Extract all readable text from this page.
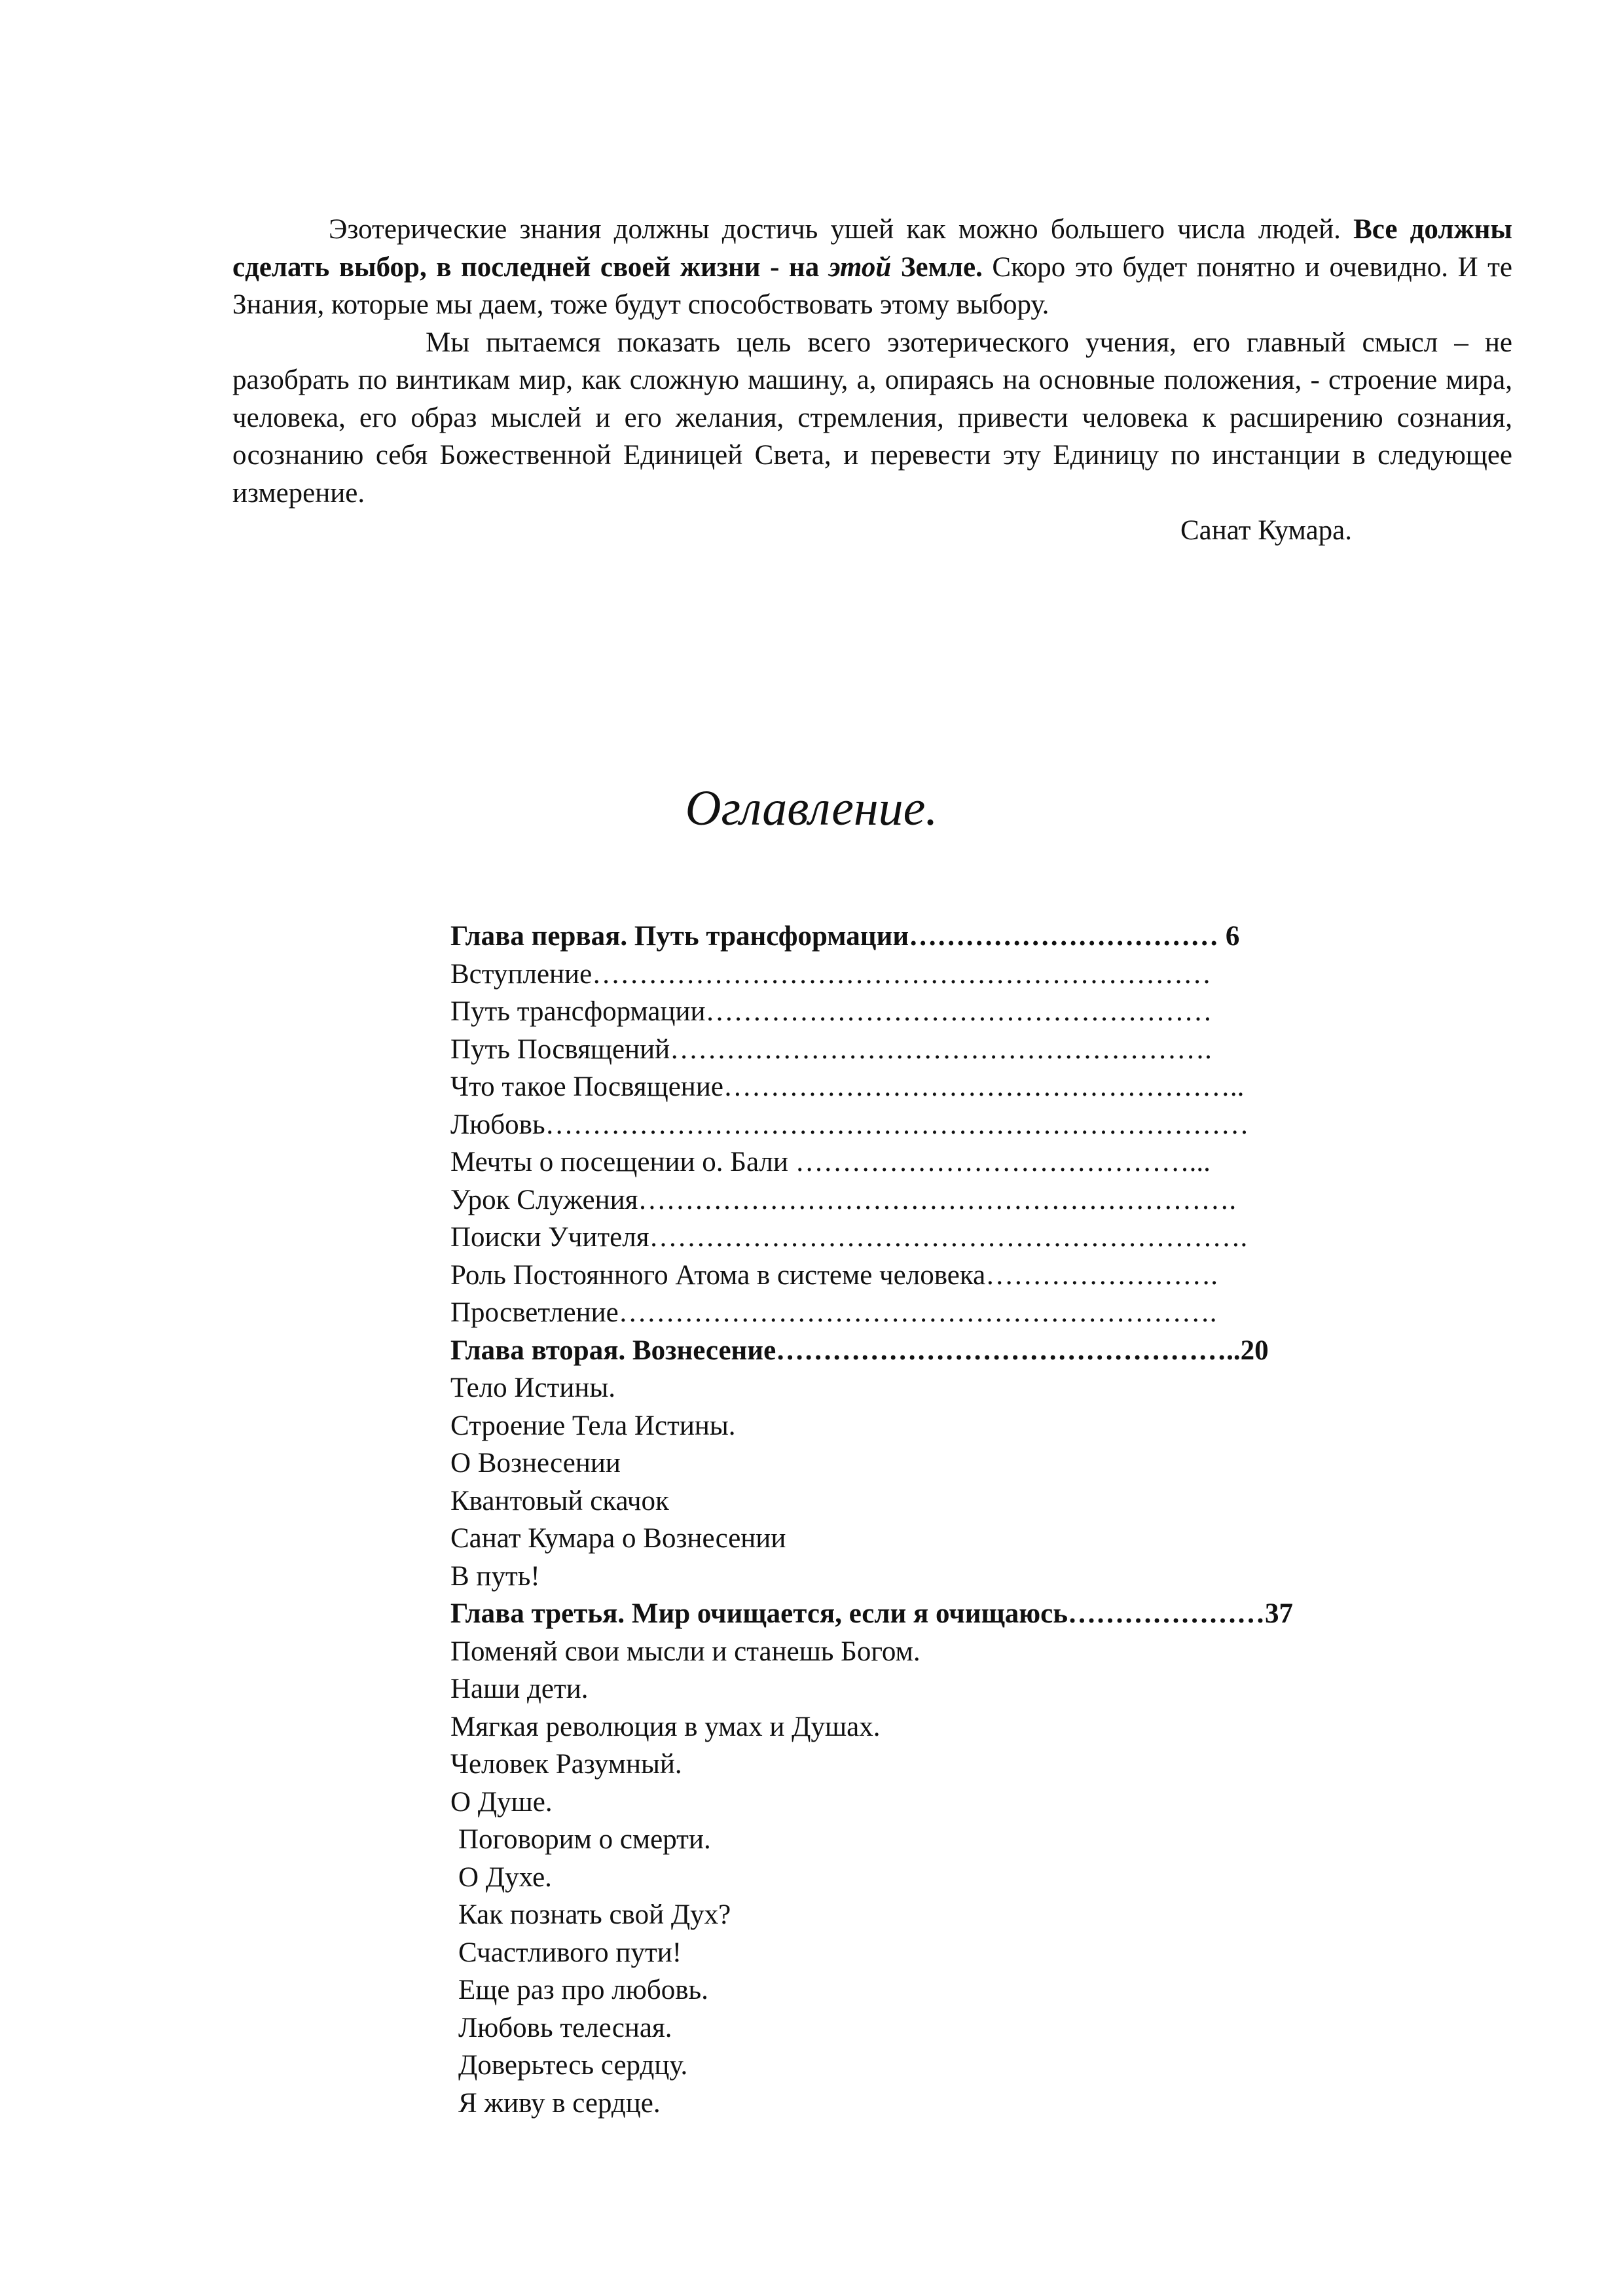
Эзотерические знания должны достичь ушей как можно большего числа людей. Все должны сделать выбор, в последней своей жизни - на этой Земле. Скоро это будет понятно и очевидно. И те Знания, которые мы даем, тоже будут способствовать этому выбору.

Мы пытаемся показать цель всего эзотерического учения, его главный смысл – не разобрать по винтикам мир, как сложную машину, а, опираясь на основные положения, - строение мира, человека, его образ мыслей и его желания, стремления, привести человека к расширению сознания, осознанию себя Божественной Единицей Света, и перевести эту Единицу по инстанции в следующее измерение.

Санат Кумара.

Оглавление.
Глава первая. Путь трансформации…………………………… 6
Вступление…………………………………………………………
Путь трансформации………………………………………………
Путь Посвящений………………………………………………….
Что такое Посвящение………………………………………………..
Любовь…………………………………………………………………
Мечты о посещении о. Бали ……………………………………...
Урок Служения……………………………………………………….
Поиски Учителя……………………………………………………….
Роль Постоянного Атома в системе человека…………………….
Просветление……………………………………………………….
Глава вторая. Вознесение…………………………………………..20
Тело Истины.
Строение Тела Истины.
О Вознесении
Квантовый скачок
Санат Кумара о Вознесении
В путь!
Глава третья. Мир очищается, если я очищаюсь…………………37
Поменяй свои мысли и станешь Богом.
Наши дети.
Мягкая революция в умах и Душах.
Человек Разумный.
О Душе.
Поговорим о смерти.
О Духе.
Как познать свой Дух?
Счастливого пути!
Еще раз про любовь.
Любовь телесная.
Доверьтесь сердцу.
Я живу в сердце.
